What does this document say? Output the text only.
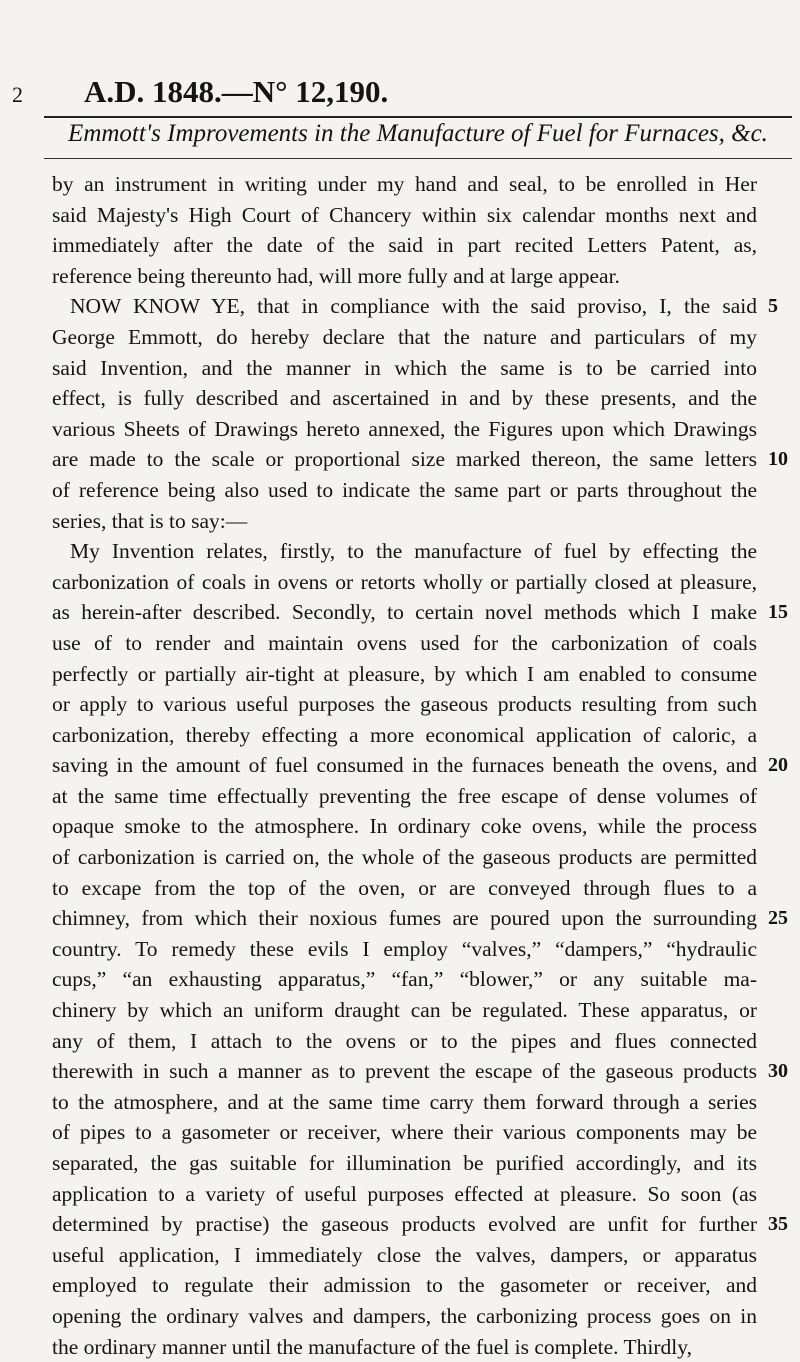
2 A.D. 1848.—N° 12,190.
Emmott's Improvements in the Manufacture of Fuel for Furnaces, &c.
by an instrument in writing under my hand and seal, to be enrolled in Her
said Majesty's High Court of Chancery within six calendar months next and
immediately after the date of the said in part recited Letters Patent, as,
reference being thereunto had, will more fully and at large appear.
NOW KNOW YE, that in compliance with the said proviso, I, the said
George Emmott, do hereby declare that the nature and particulars of my
said Invention, and the manner in which the same is to be carried into
effect, is fully described and ascertained in and by these presents, and the
various Sheets of Drawings hereto annexed, the Figures upon which Drawings
are made to the scale or proportional size marked thereon, the same letters
of reference being also used to indicate the same part or parts throughout the
series, that is to say:—
My Invention relates, firstly, to the manufacture of fuel by effecting the
carbonization of coals in ovens or retorts wholly or partially closed at pleasure,
as herein-after described. Secondly, to certain novel methods which I make
use of to render and maintain ovens used for the carbonization of coals
perfectly or partially air-tight at pleasure, by which I am enabled to consume
or apply to various useful purposes the gaseous products resulting from such
carbonization, thereby effecting a more economical application of caloric, a
saving in the amount of fuel consumed in the furnaces beneath the ovens, and
at the same time effectually preventing the free escape of dense volumes of
opaque smoke to the atmosphere. In ordinary coke ovens, while the process
of carbonization is carried on, the whole of the gaseous products are permitted
to excape from the top of the oven, or are conveyed through flues to a
chimney, from which their noxious fumes are poured upon the surrounding
country. To remedy these evils I employ “valves,” “dampers,” “hydraulic
cups,” “an exhausting apparatus,” “fan,” “blower,” or any suitable ma-
chinery by which an uniform draught can be regulated. These apparatus, or
any of them, I attach to the ovens or to the pipes and flues connected
therewith in such a manner as to prevent the escape of the gaseous products
to the atmosphere, and at the same time carry them forward through a series
of pipes to a gasometer or receiver, where their various components may be
separated, the gas suitable for illumination be purified accordingly, and its
application to a variety of useful purposes effected at pleasure. So soon (as
determined by practise) the gaseous products evolved are unfit for further
useful application, I immediately close the valves, dampers, or apparatus
employed to regulate their admission to the gasometer or receiver, and
opening the ordinary valves and dampers, the carbonizing process goes on in
the ordinary manner until the manufacture of the fuel is complete. Thirdly,
5
10
15
20
25
30
35
